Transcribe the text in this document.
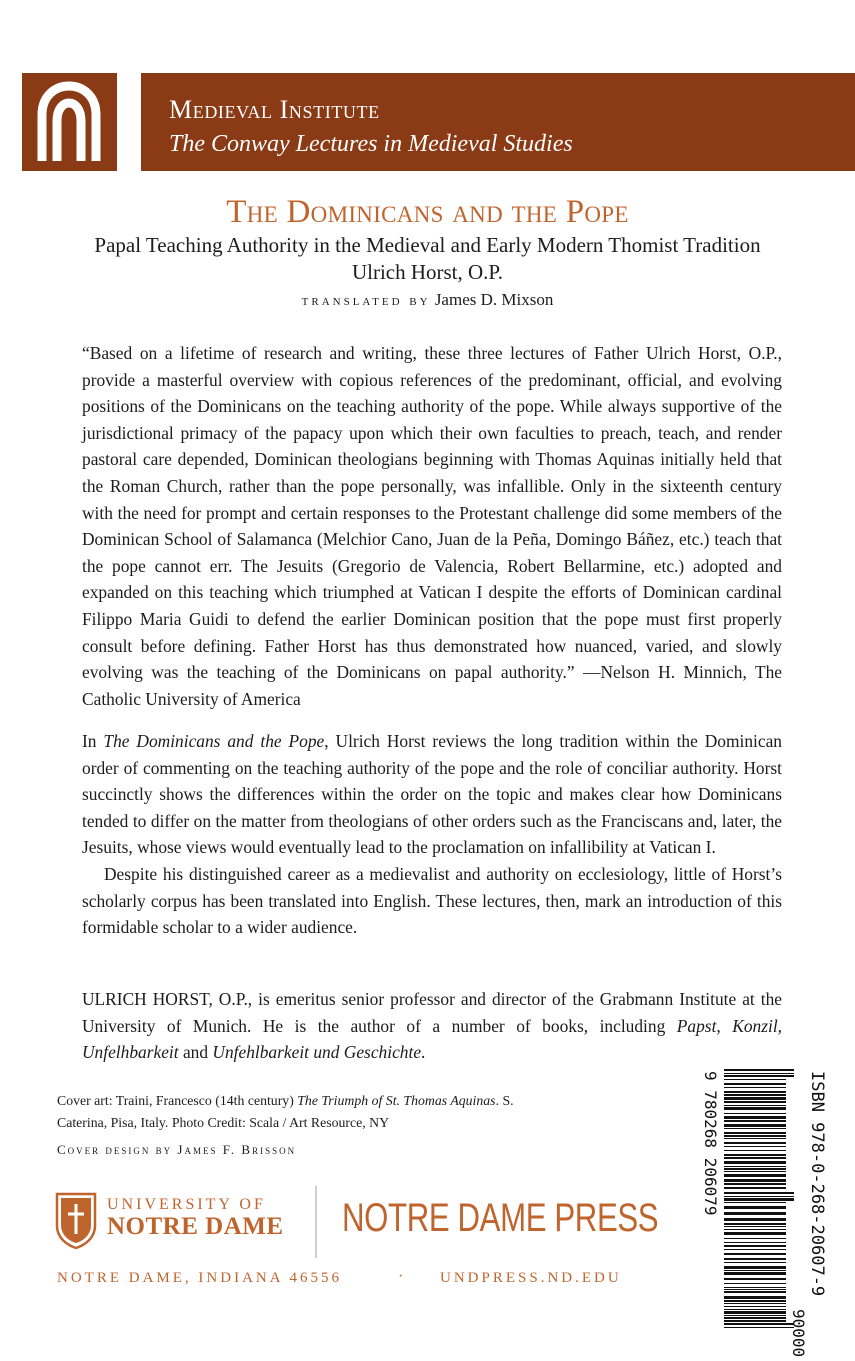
Medieval Institute
The Conway Lectures in Medieval Studies
The Dominicans and the Pope
Papal Teaching Authority in the Medieval and Early Modern Thomist Tradition
Ulrich Horst, O.P.
translated by James D. Mixson

“Based on a lifetime of research and writing, these three lectures of Father Ulrich Horst, O.P., provide a masterful overview with copious references of the predominant, official, and evolving positions of the Dominicans on the teaching authority of the pope. While always supportive of the jurisdictional primacy of the papacy upon which their own faculties to preach, teach, and render pastoral care depended, Dominican theologians beginning with Thomas Aquinas initially held that the Roman Church, rather than the pope personally, was infallible. Only in the sixteenth century with the need for prompt and certain responses to the Protestant challenge did some members of the Dominican School of Salamanca (Melchior Cano, Juan de la Peña, Domingo Báñez, etc.) teach that the pope cannot err. The Jesuits (Gregorio de Valencia, Robert Bellarmine, etc.) adopted and expanded on this teaching which triumphed at Vatican I despite the efforts of Dominican cardinal Filippo Maria Guidi to defend the earlier Dominican position that the pope must first properly consult before defining. Father Horst has thus demonstrated how nuanced, varied, and slowly evolving was the teaching of the Dominicans on papal authority.” —Nelson H. Minnich, The Catholic University of America

In The Dominicans and the Pope, Ulrich Horst reviews the long tradition within the Dominican order of commenting on the teaching authority of the pope and the role of conciliar authority. Horst succinctly shows the differences within the order on the topic and makes clear how Dominicans tended to differ on the matter from theologians of other orders such as the Franciscans and, later, the Jesuits, whose views would eventually lead to the proclamation on infallibility at Vatican I.

Despite his distinguished career as a medievalist and authority on ecclesiology, little of Horst’s scholarly corpus has been translated into English. These lectures, then, mark an introduction of this formidable scholar to a wider audience.

ULRICH HORST, O.P., is emeritus senior professor and director of the Grabmann Institute at the University of Munich. He is the author of a number of books, including Papst, Konzil, Unfelhbarkeit and Unfehlbarkeit und Geschichte.

Cover art: Traini, Francesco (14th century) The Triumph of St. Thomas Aquinas. S. Caterina, Pisa, Italy. Photo Credit: Scala / Art Resource, NY
Cover design by James F. Brisson
UNIVERSITY OF
NOTRE DAME NOTRE DAME PRESS
NOTRE DAME, INDIANA 46556	· UNDPRESS.ND.EDU	ISBN 978-0-268-20607-9
9 780268 206079
90000
